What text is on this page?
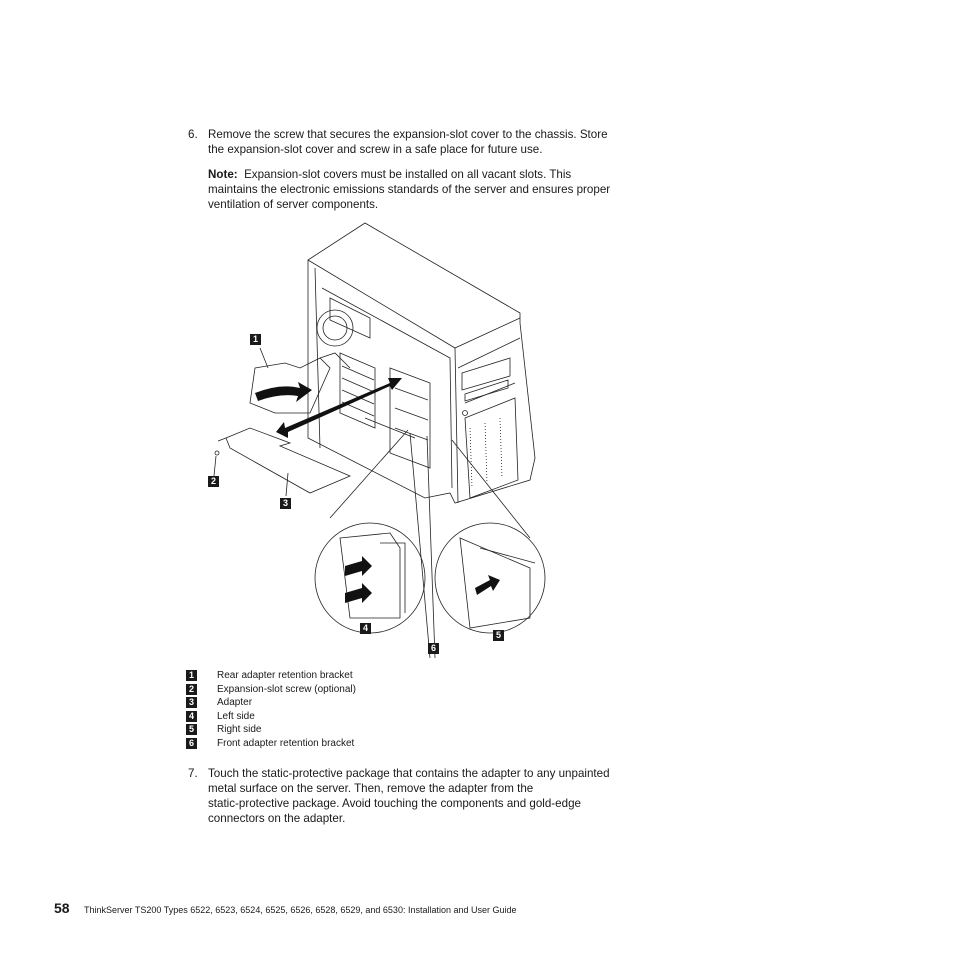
6. Remove the screw that secures the expansion-slot cover to the chassis. Store
the expansion-slot cover and screw in a safe place for future use.
Note: Expansion-slot covers must be installed on all vacant slots. This
maintains the electronic emissions standards of the server and ensures proper
ventilation of server components.
1
2
3
4
5
6
1	Rear adapter retention bracket
2	Expansion-slot screw (optional)
3	Adapter
4	Left side
5	Right side
6	Front adapter retention bracket
7. Touch the static-protective package that contains the adapter to any unpainted
metal surface on the server. Then, remove the adapter from the
static-protective package. Avoid touching the components and gold-edge
connectors on the adapter.
58 ThinkServer TS200 Types 6522, 6523, 6524, 6525, 6526, 6528, 6529, and 6530: Installation and User Guide
